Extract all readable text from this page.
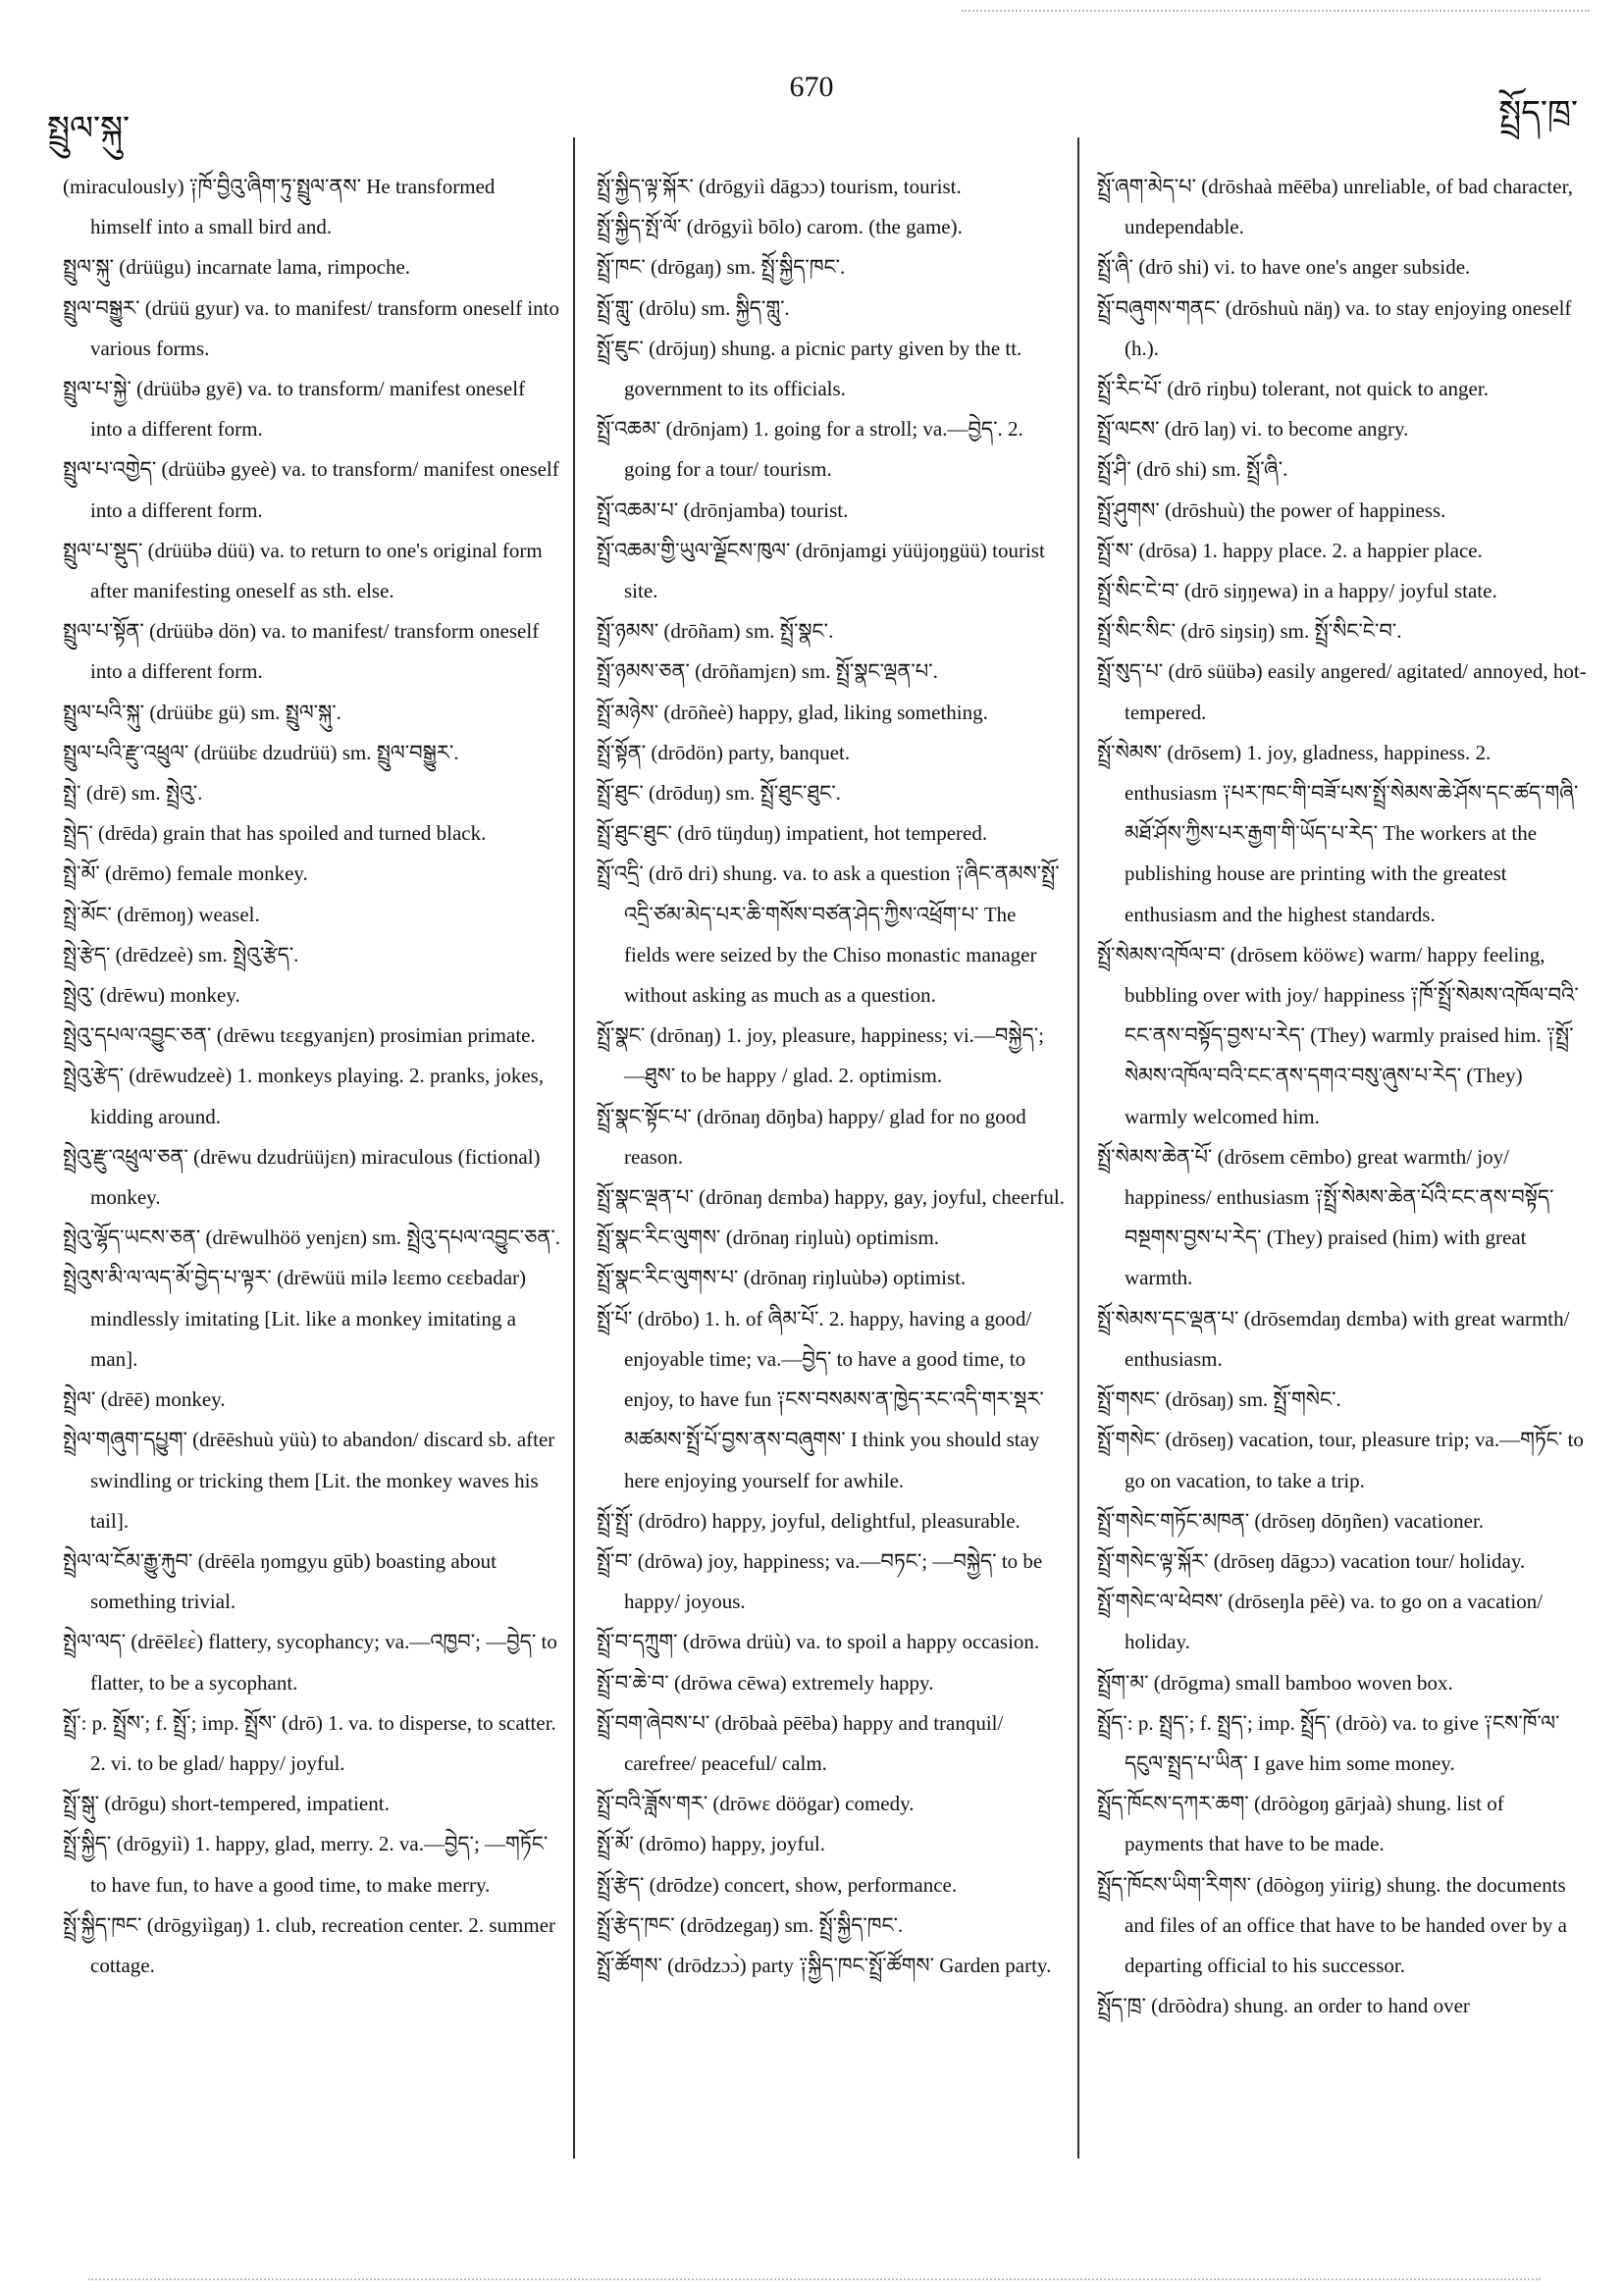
སྤྲུལ་སྐུ་
670
སྤྲོད་ཁྲ་

(miraculously) ༑ཁོ་བྱིའུ་ཞིག་ཏུ་སྤྲུལ་ནས་ He transformed himself into a small bird and.

སྤྲུལ་སྐུ་ (drüügu) incarnate lama, rimpoche.

སྤྲུལ་བསྒྱུར་ (drüü gyur) va. to manifest/ transform oneself into various forms.

སྤྲུལ་པ་སྐྱེ་ (drüübə gyē) va. to transform/ manifest oneself into a different form.

སྤྲུལ་པ་འགྱེད་ (drüübə gyeè) va. to transform/ manifest oneself into a different form.

སྤྲུལ་པ་སྡུད་ (drüübə düü) va. to return to one's original form after manifesting oneself as sth. else.

སྤྲུལ་པ་སྟོན་ (drüübə dön) va. to manifest/ transform oneself into a different form.

སྤྲུལ་པའི་སྐུ་ (drüübɛ gü) sm. སྤྲུལ་སྐུ་.

སྤྲུལ་པའི་རྫུ་འཕྲུལ་ (drüübɛ dzudrüü) sm. སྤྲུལ་བསྒྱུར་.

སྤྲེ་ (drē) sm. སྤྲེའུ་.

སྤྲེད་ (drēda) grain that has spoiled and turned black.

སྤྲེ་མོ་ (drēmo) female monkey.

སྤྲེ་མོང་ (drēmoŋ) weasel.

སྤྲེ་རྩེད་ (drēdzeè) sm. སྤྲེའུ་རྩེད་.

སྤྲེའུ་ (drēwu) monkey.

སྤྲེའུ་དཔལ་འབྱུང་ཅན་ (drēwu tɛɛgyanjɛn) prosimian primate.

སྤྲེའུ་རྩེད་ (drēwudzeè) 1. monkeys playing. 2. pranks, jokes, kidding around.

སྤྲེའུ་རྫུ་འཕྲུལ་ཅན་ (drēwu dzudrüüjɛn) miraculous (fictional) monkey.

སྤྲེའུ་ལྷོད་ཡངས་ཅན་ (drēwulhöö yenjɛn) sm. སྤྲེའུ་དཔལ་འབྱུང་ཅན་.

སྤྲེའུས་མི་ལ་ལད་མོ་བྱེད་པ་ལྟར་ (drēwüü milə lɛɛmo cɛɛbadar) mindlessly imitating [Lit. like a monkey imitating a man].

སྤྲེལ་ (drēē) monkey.

སྤྲེལ་གཞུག་དཔྱུག་ (drēēshuù yüù) to abandon/ discard sb. after swindling or tricking them [Lit. the monkey waves his tail].

སྤྲེལ་ལ་ངོམ་རྒྱུ་རྐུབ་ (drēēla ŋomgyu gūb) boasting about something trivial.

སྤྲེལ་ལད་ (drēēlɛɛ̀) flattery, sycophancy; va.—འཁྱབ་; —བྱེད་ to flatter, to be a sycophant.

སྤྲོ་: p. སྤྲོས་; f. སྤྲོ་; imp. སྤྲོས་ (drō) 1. va. to disperse, to scatter. 2. vi. to be glad/ happy/ joyful.

སྤྲོ་སྒུ་ (drōgu) short-tempered, impatient.

སྤྲོ་སྐྱིད་ (drōgyiì) 1. happy, glad, merry. 2. va.—བྱེད་; —གཏོང་ to have fun, to have a good time, to make merry.

སྤྲོ་སྐྱིད་ཁང་ (drōgyiìgaŋ) 1. club, recreation center. 2. summer cottage.

སྤྲོ་སྐྱིད་ལྟ་སྐོར་ (drōgyiì dāgɔɔ) tourism, tourist.

སྤྲོ་སྐྱིད་སྤོ་ལོ་ (drōgyiì bōlo) carom. (the game).

སྤྲོ་ཁང་ (drōgaŋ) sm. སྤྲོ་སྐྱིད་ཁང་.

སྤྲོ་གླུ་ (drōlu) sm. སྐྱིད་གླུ་.

སྤྲོ་ཇུང་ (drōjuŋ) shung. a picnic party given by the tt. government to its officials.

སྤྲོ་འཆམ་ (drōnjam) 1. going for a stroll; va.—བྱེད་. 2. going for a tour/ tourism.

སྤྲོ་འཆམ་པ་ (drōnjamba) tourist.

སྤྲོ་འཆམ་གྱི་ཡུལ་ལྗོངས་ཁུལ་ (drōnjamgi yüüjoŋgüü) tourist site.

སྤྲོ་ཉམས་ (drōñam) sm. སྤྲོ་སྣང་.

སྤྲོ་ཉམས་ཅན་ (drōñamjɛn) sm. སྤྲོ་སྣང་ལྡན་པ་.

སྤྲོ་མཉེས་ (drōñeè) happy, glad, liking something.

སྤྲོ་སྟོན་ (drōdön) party, banquet.

སྤྲོ་ཐུང་ (drōduŋ) sm. སྤྲོ་ཐུང་ཐུང་.

སྤྲོ་ཐུང་ཐུང་ (drō tüŋduŋ) impatient, hot tempered.

སྤྲོ་འདྲི་ (drō dri) shung. va. to ask a question ༑ཞིང་ནམས་སྤྲོ་འདྲི་ཙམ་མེད་པར་ཆི་གསོས་བཙན་ཤེད་ཀྱིས་འཕྲོག་པ་ The fields were seized by the Chiso monastic manager without asking as much as a question.

སྤྲོ་སྣང་ (drōnaŋ) 1. joy, pleasure, happiness; vi.—བསྐྱེད་; —ཐུས་ to be happy / glad. 2. optimism.

སྤྲོ་སྣང་སྟོང་པ་ (drōnaŋ dōŋba) happy/ glad for no good reason.

སྤྲོ་སྣང་ལྡན་པ་ (drōnaŋ dɛmba) happy, gay, joyful, cheerful.

སྤྲོ་སྣང་རིང་ལུགས་ (drōnaŋ riŋluù) optimism.

སྤྲོ་སྣང་རིང་ལུགས་པ་ (drōnaŋ riŋluùbə) optimist.

སྤྲོ་པོ་ (drōbo) 1. h. of ཞིམ་པོ་. 2. happy, having a good/ enjoyable time; va.—བྱེད་ to have a good time, to enjoy, to have fun ༑ངས་བསམས་ན་ཁྱེད་རང་འདི་གར་སྡར་མཚམས་སྤྲོ་པོ་བྱས་ནས་བཞུགས་ I think you should stay here enjoying yourself for awhile.

སྤྲོ་སྤྲོ་ (drōdro) happy, joyful, delightful, pleasurable.

སྤྲོ་བ་ (drōwa) joy, happiness; va.—བཏང་; —བསྐྱེད་ to be happy/ joyous.

སྤྲོ་བ་དཀྲུག་ (drōwa drüù) va. to spoil a happy occasion.

སྤྲོ་བ་ཆེ་བ་ (drōwa cēwa) extremely happy.

སྤྲོ་བག་ཞེབས་པ་ (drōbaà pēēba) happy and tranquil/ carefree/ peaceful/ calm.

སྤྲོ་བའི་ཟློས་གར་ (drōwɛ döögar) comedy.

སྤྲོ་མོ་ (drōmo) happy, joyful.

སྤྲོ་རྩེད་ (drōdze) concert, show, performance.

སྤྲོ་རྩེད་ཁང་ (drōdzegaŋ) sm. སྤྲོ་སྐྱིད་ཁང་.

སྤྲོ་ཚོགས་ (drōdzɔɔ̀) party ༑སྐྱིད་ཁང་སྤྲོ་ཚོགས་ Garden party.

སྤྲོ་ཞག་མེད་པ་ (drōshaà mēēba) unreliable, of bad character, undependable.

སྤྲོ་ཞི་ (drō shi) vi. to have one's anger subside.

སྤྲོ་བཞུགས་གནང་ (drōshuù näŋ) va. to stay enjoying oneself (h.).

སྤྲོ་རིང་པོ་ (drō riŋbu) tolerant, not quick to anger.

སྤྲོ་ལངས་ (drō laŋ) vi. to become angry.

སྤྲོ་ཤི་ (drō shi) sm. སྤྲོ་ཞི་.

སྤྲོ་ཤུགས་ (drōshuù) the power of happiness.

སྤྲོ་ས་ (drōsa) 1. happy place. 2. a happier place.

སྤྲོ་སིང་ངེ་བ་ (drō siŋŋewa) in a happy/ joyful state.

སྤྲོ་སིང་སིང་ (drō siŋsiŋ) sm. སྤྲོ་སིང་ངེ་བ་.

སྤྲོ་སུད་པ་ (drō süübə) easily angered/ agitated/ annoyed, hot-tempered.

སྤྲོ་སེམས་ (drōsem) 1. joy, gladness, happiness. 2. enthusiasm ༑པར་ཁང་གི་བཟོ་པས་སྤྲོ་སེམས་ཆེ་ཤོས་དང་ཚད་གཞི་མཐོ་ཤོས་ཀྱིས་པར་རྒྱག་གི་ཡོད་པ་རེད་ The workers at the publishing house are printing with the greatest enthusiasm and the highest standards.

སྤྲོ་སེམས་འཁོལ་བ་ (drōsem kööwɛ) warm/ happy feeling, bubbling over with joy/ happiness ༑ཁོ་སྤྲོ་སེམས་འཁོལ་བའི་ངང་ནས་བསྟོད་བྱས་པ་རེད་ (They) warmly praised him. ༑སྤྲོ་སེམས་འཁོལ་བའི་ངང་ནས་དགའ་བསུ་ཞུས་པ་རེད་ (They) warmly welcomed him.

སྤྲོ་སེམས་ཆེན་པོ་ (drōsem cēmbo) great warmth/ joy/ happiness/ enthusiasm ༑སྤྲོ་སེམས་ཆེན་པོའི་ངང་ནས་བསྟོད་བསྔགས་བྱས་པ་རེད་ (They) praised (him) with great warmth.

སྤྲོ་སེམས་དང་ལྡན་པ་ (drōsemdaŋ dɛmba) with great warmth/ enthusiasm.

སྤྲོ་གསང་ (drōsaŋ) sm. སྤྲོ་གསེང་.

སྤྲོ་གསེང་ (drōseŋ) vacation, tour, pleasure trip; va.—གཏོང་ to go on vacation, to take a trip.

སྤྲོ་གསེང་གཏོང་མཁན་ (drōseŋ dōŋñen) vacationer.

སྤྲོ་གསེང་ལྟ་སྐོར་ (drōseŋ dāgɔɔ) vacation tour/ holiday.

སྤྲོ་གསེང་ལ་ཕེབས་ (drōseŋla pēè) va. to go on a vacation/ holiday.

སྤྲོག་མ་ (drōgma) small bamboo woven box.

སྤྲོད་: p. སྤྲད་; f. སྤྲད་; imp. སྤྲོད་ (drōò) va. to give ༑ངས་ཁོ་ལ་དངུལ་སྤྲད་པ་ཡིན་ I gave him some money.

སྤྲོད་ཁོངས་དཀར་ཆག་ (drōògoŋ gārjaà) shung. list of payments that have to be made.

སྤྲོད་ཁོངས་ཡིག་རིགས་ (dōògoŋ yiirig) shung. the documents and files of an office that have to be handed over by a departing official to his successor.

སྤྲོད་ཁྲ་ (drōòdra) shung. an order to hand over
